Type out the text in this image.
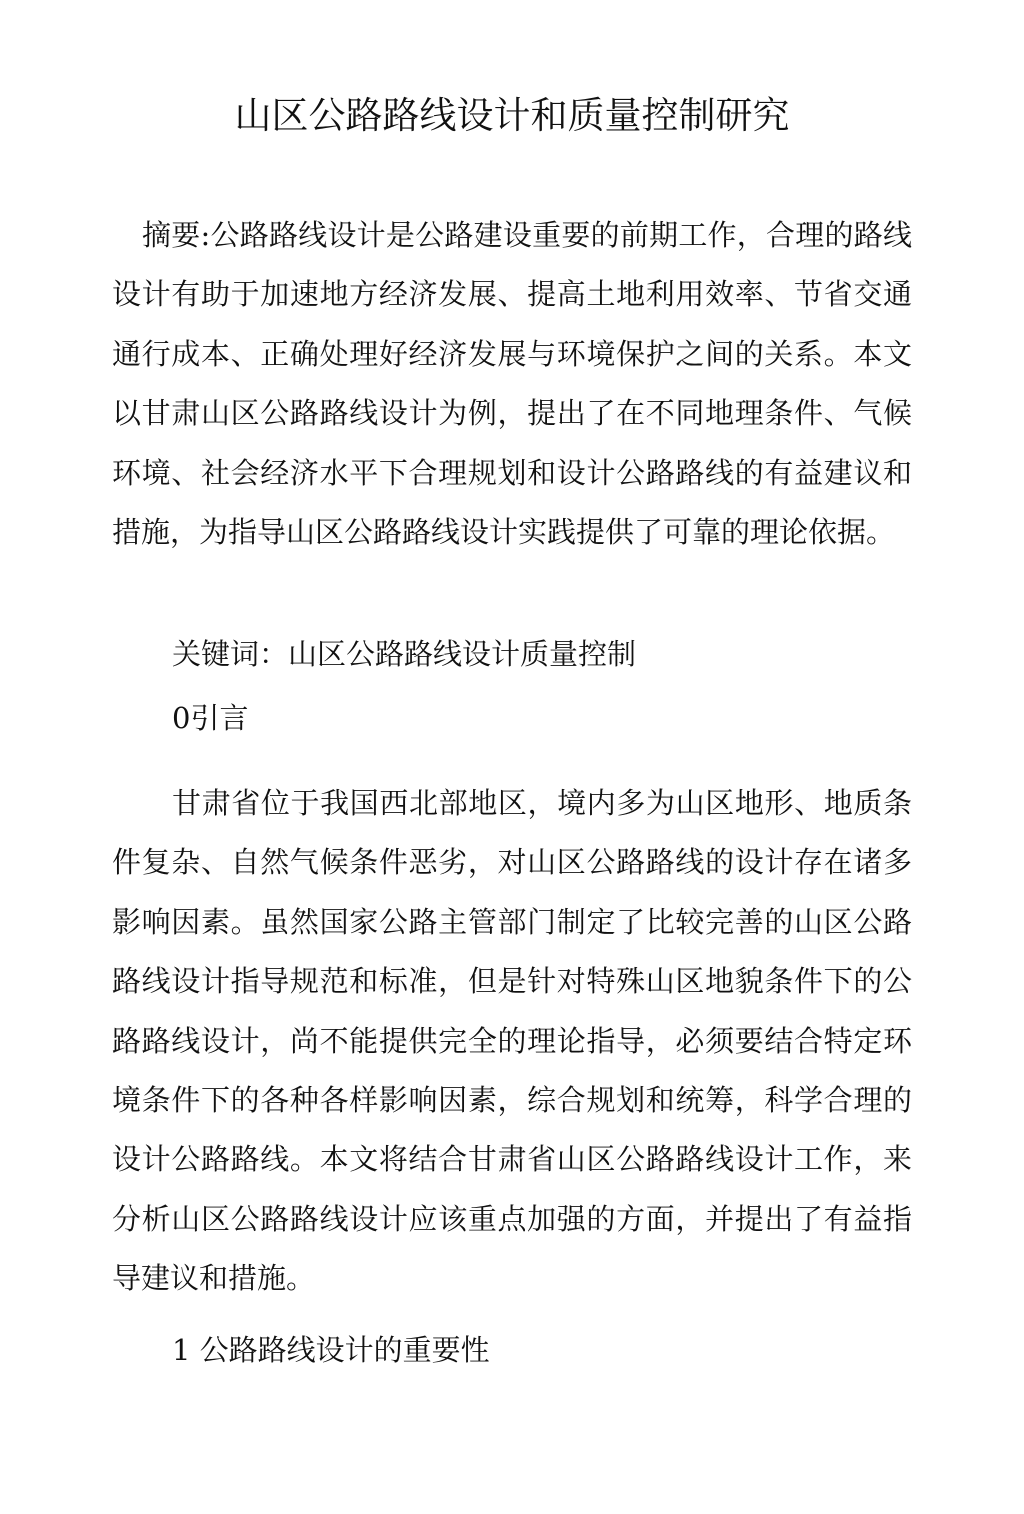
山区公路路线设计和质量控制研究

摘要:公路路线设计是公路建设重要的前期工作，合理的路线设计有助于加速地方经济发展、提高土地利用效率、节省交通通行成本、正确处理好经济发展与环境保护之间的关系。本文以甘肃山区公路路线设计为例，提出了在不同地理条件、气候环境、社会经济水平下合理规划和设计公路路线的有益建议和措施，为指导山区公路路线设计实践提供了可靠的理论依据。

关键词：山区公路路线设计质量控制

0引言

甘肃省位于我国西北部地区，境内多为山区地形、地质条件复杂、自然气候条件恶劣，对山区公路路线的设计存在诸多影响因素。虽然国家公路主管部门制定了比较完善的山区公路路线设计指导规范和标准，但是针对特殊山区地貌条件下的公路路线设计，尚不能提供完全的理论指导，必须要结合特定环境条件下的各种各样影响因素，综合规划和统筹，科学合理的设计公路路线。本文将结合甘肃省山区公路路线设计工作，来分析山区公路路线设计应该重点加强的方面，并提出了有益指导建议和措施。

1 公路路线设计的重要性
